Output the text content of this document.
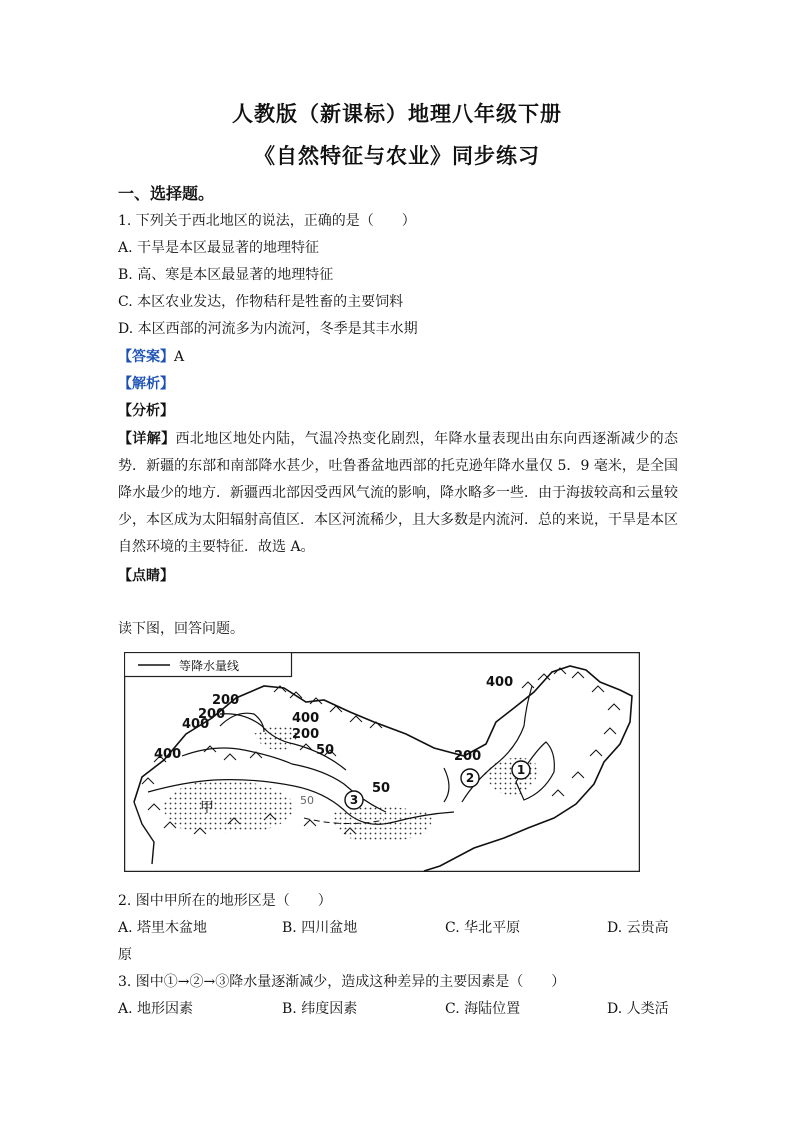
人教版（新课标）地理八年级下册
《自然特征与农业》同步练习
一、选择题。
1. 下列关于西北地区的说法，正确的是（　　）
A. 干旱是本区最显著的地理特征
B. 高、寒是本区最显著的地理特征
C. 本区农业发达，作物秸秆是牲畜的主要饲料
D. 本区西部的河流多为内流河，冬季是其丰水期
【答案】A
【解析】
【分析】
【详解】西北地区地处内陆，气温冷热变化剧烈，年降水量表现出由东向西逐渐减少的态势．新疆的东部和南部降水甚少，吐鲁番盆地西部的托克逊年降水量仅 5．9 毫米，是全国降水最少的地方．新疆西北部因受西风气流的影响，降水略多一些．由于海拔较高和云量较少，本区成为太阳辐射高值区．本区河流稀少，且大多数是内流河．总的来说，干旱是本区自然环境的主要特征．故选 A。
【点睛】
读下图，回答问题。
等降水量线
200
200
400	400
200
50
400
50
200
400
50
甲
1
2
3
2. 图中甲所在的地形区是（　　）
A. 塔里木盆地	B. 四川盆地	C. 华北平原	D. 云贵高
原
3. 图中①→②→③降水量逐渐减少，造成这种差异的主要因素是（　　）
A. 地形因素	B. 纬度因素	C. 海陆位置	D. 人类活
